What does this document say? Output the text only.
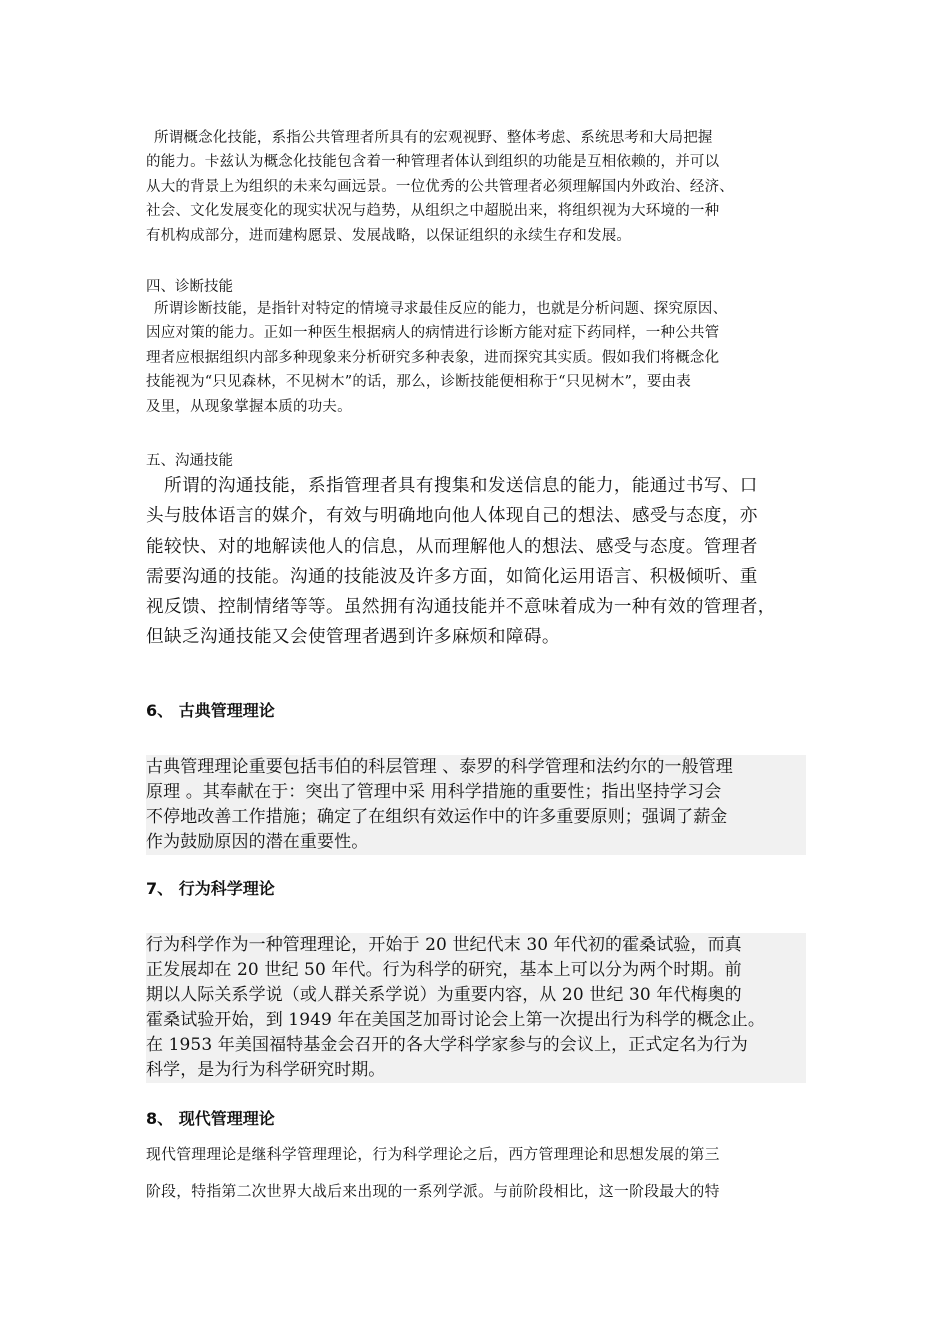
所谓概念化技能，系指公共管理者所具有的宏观视野、整体考虑、系统思考和大局把握
的能力。卡兹认为概念化技能包含着一种管理者体认到组织的功能是互相依赖的，并可以
从大的背景上为组织的未来勾画远景。一位优秀的公共管理者必须理解国内外政治、经济、
社会、文化发展变化的现实状况与趋势，从组织之中超脱出来，将组织视为大环境的一种
有机构成部分，进而建构愿景、发展战略，以保证组织的永续生存和发展。
四、诊断技能
所谓诊断技能，是指针对特定的情境寻求最佳反应的能力，也就是分析问题、探究原因、
因应对策的能力。正如一种医生根据病人的病情进行诊断方能对症下药同样，一种公共管
理者应根据组织内部多种现象来分析研究多种表象，进而探究其实质。假如我们将概念化
技能视为“只见森林，不见树木”的话，那么，诊断技能便相称于“只见树木”，要由表
及里，从现象掌握本质的功夫。
五、沟通技能
所谓的沟通技能，系指管理者具有搜集和发送信息的能力，能通过书写、口
头与肢体语言的媒介，有效与明确地向他人体现自己的想法、感受与态度，亦
能较快、对的地解读他人的信息，从而理解他人的想法、感受与态度。管理者
需要沟通的技能。沟通的技能波及许多方面，如简化运用语言、积极倾听、重
视反馈、控制情绪等等。虽然拥有沟通技能并不意味着成为一种有效的管理者，
但缺乏沟通技能又会使管理者遇到许多麻烦和障碍。
6、 古典管理理论
古典管理理论重要包括韦伯的科层管理 、泰罗的科学管理和法约尔的一般管理
原理 。其奉献在于：突出了管理中采 用科学措施的重要性；指出坚持学习会
不停地改善工作措施；确定了在组织有效运作中的许多重要原则；强调了薪金
作为鼓励原因的潜在重要性。
7、 行为科学理论
行为科学作为一种管理理论，开始于 20 世纪代末 30 年代初的霍桑试验，而真
正发展却在 20 世纪 50 年代。行为科学的研究，基本上可以分为两个时期。前
期以人际关系学说（或人群关系学说）为重要内容，从 20 世纪 30 年代梅奥的
霍桑试验开始，到 1949 年在美国芝加哥讨论会上第一次提出行为科学的概念止。
在 1953 年美国福特基金会召开的各大学科学家参与的会议上，正式定名为行为
科学，是为行为科学研究时期。
8、 现代管理理论
现代管理理论是继科学管理理论，行为科学理论之后，西方管理理论和思想发展的第三
阶段，特指第二次世界大战后来出现的一系列学派。与前阶段相比，这一阶段最大的特
